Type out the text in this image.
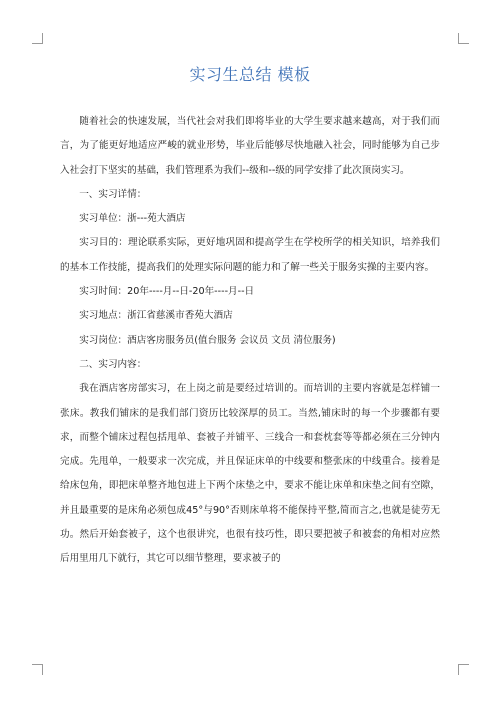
实习生总结 模板

随着社会的快速发展，当代社会对我们即将毕业的大学生要求越来越高，对于我们而言，为了能更好地适应严峻的就业形势，毕业后能够尽快地融入社会，同时能够为自己步入社会打下坚实的基础，我们管理系为我们--级和--级的同学安排了此次顶岗实习。

一、实习详情：

实习单位：浙---苑大酒店

实习目的：理论联系实际，更好地巩固和提高学生在学校所学的相关知识，培养我们的基本工作技能，提高我们的处理实际问题的能力和了解一些关于服务实操的主要内容。

实习时间：20年----月--日-20年----月--日

实习地点：浙江省慈溪市香苑大酒店

实习岗位：酒店客房服务员(值台服务 会议员 文员 清位服务)

二、实习内容：

我在酒店客房部实习，在上岗之前是要经过培训的。而培训的主要内容就是怎样铺一张床。教我们铺床的是我们部门资历比较深厚的员工。当然,铺床时的每一个步骤都有要求，而整个铺床过程包括甩单、套被子并铺平、三线合一和套枕套等等都必须在三分钟内完成。先甩单，一般要求一次完成，并且保证床单的中线要和整张床的中线重合。接着是给床包角，即把床单整齐地包进上下两个床垫之中，要求不能让床单和床垫之间有空隙，并且最重要的是床角必须包成45°与90°否则床单将不能保持平整,简而言之,也就是徒劳无功。然后开始套被子，这个也很讲究，也很有技巧性，即只要把被子和被套的角相对应然后用里用几下就行，其它可以细节整理，要求被子的
